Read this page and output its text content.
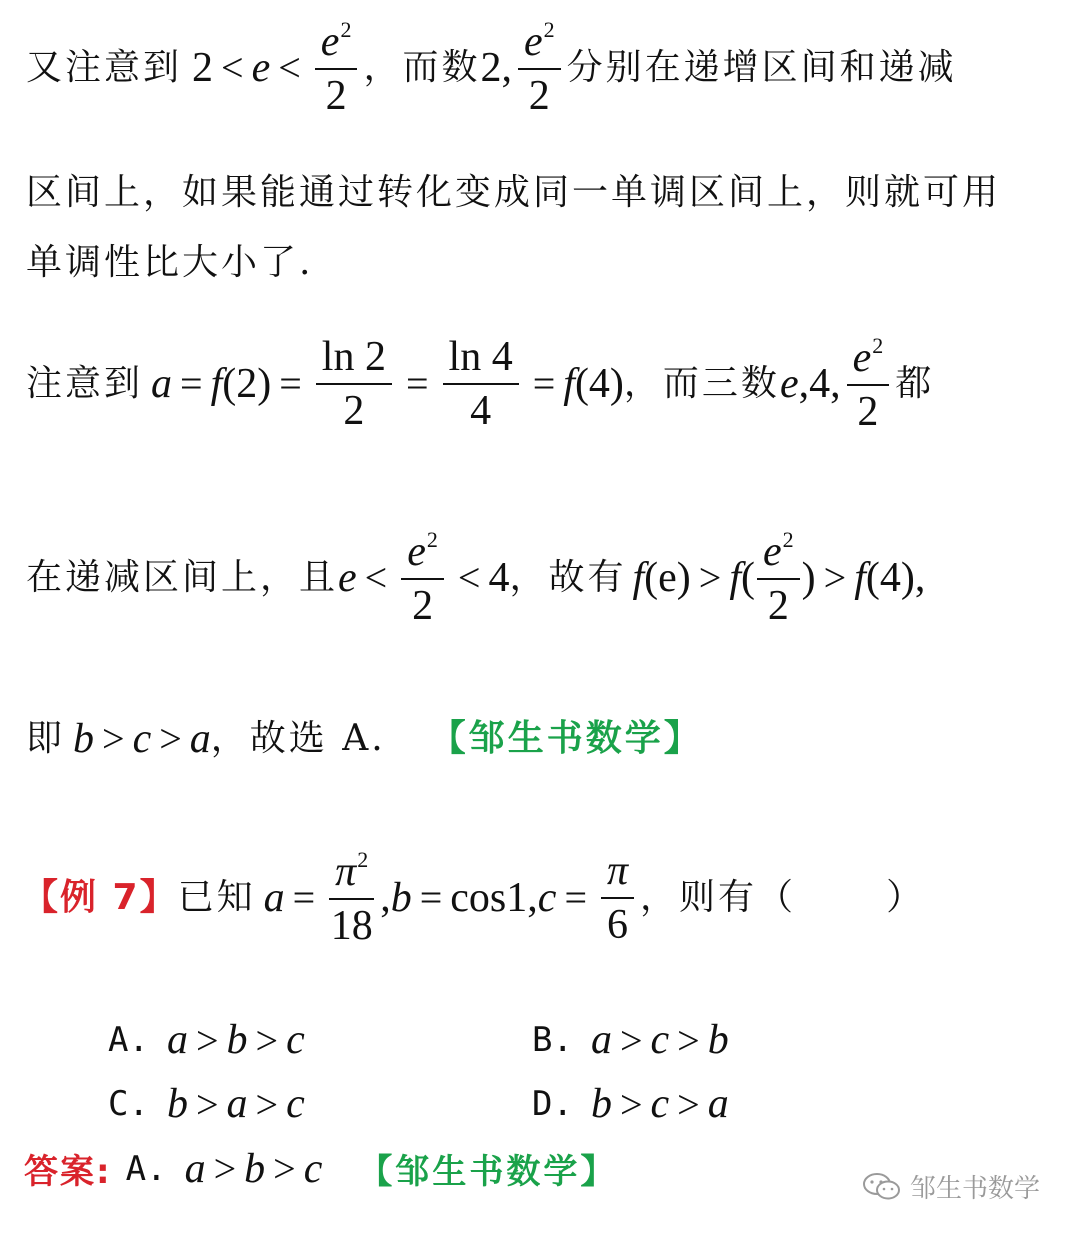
又注意到 $2 < e < \frac{e^2}{2}$ ，而数 2, $\frac{e^2}{2}$ 分别在递增区间和递减
区间上，如果能通过转化变成同一单调区间上，则就可用
单调性比大小了.
注意到 a = f $(2) = \frac{\ln 2}{2} = \frac{\ln 4}{4} = f$ (4) ，而三数 e ,4, $\frac{e^2}{2}$ 都
在递减区间上，且 $e < \frac{e^2}{2} < 4$ ，故有 f (e) > f ( $\frac{e^2}{2}$ ) > f (4),
即 b > c > a ，故选 A. 【邹生书数学】
【例 7】 已知 $a = \frac{\pi^2}{18}$ , b = cos1, $c = \frac{\pi}{6}$ ，则有（	）
A. a > b > c	B. a > c > b
C. b > a > c	D. b > c > a
答案: A. a > b > c 【邹生书数学】	邹生书数学
